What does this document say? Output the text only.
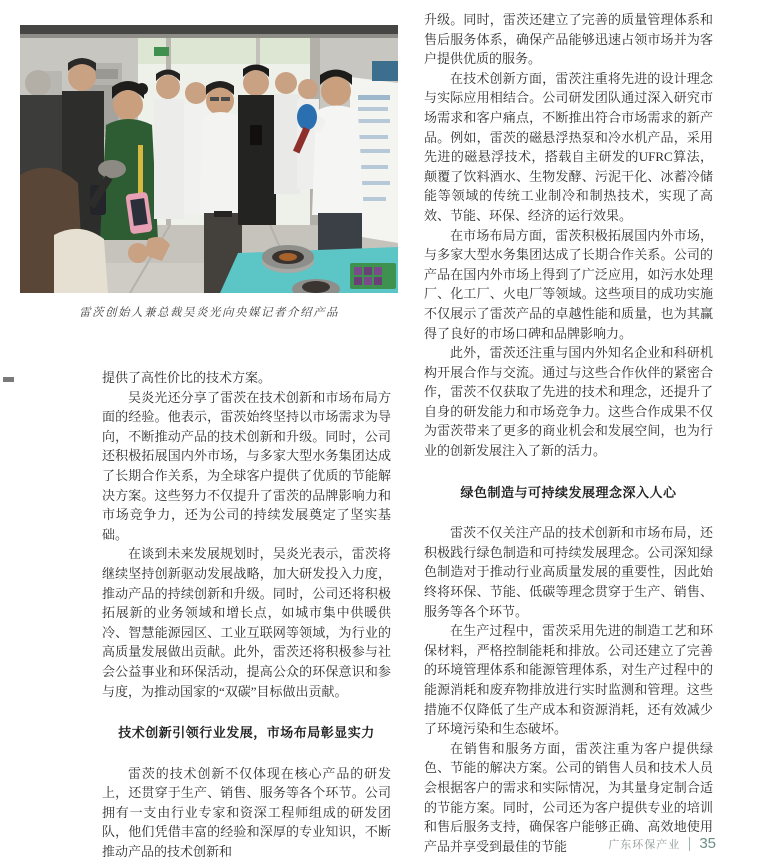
雷茨创始人兼总裁吴炎光向央媒记者介绍产品

提供了高性价比的技术方案。

吴炎光还分享了雷茨在技术创新和市场布局方面的经验。他表示，雷茨始终坚持以市场需求为导向，不断推动产品的技术创新和升级。同时，公司还积极拓展国内外市场，与多家大型水务集团达成了长期合作关系，为全球客户提供了优质的节能解决方案。这些努力不仅提升了雷茨的品牌影响力和市场竞争力，还为公司的持续发展奠定了坚实基础。

在谈到未来发展规划时，吴炎光表示，雷茨将继续坚持创新驱动发展战略，加大研发投入力度，推动产品的持续创新和升级。同时，公司还将积极拓展新的业务领域和增长点，如城市集中供暖供冷、智慧能源园区、工业互联网等领域，为行业的高质量发展做出贡献。此外，雷茨还将积极参与社会公益事业和环保活动，提高公众的环保意识和参与度，为推动国家的“双碳”目标做出贡献。

技术创新引领行业发展，市场布局彰显实力

雷茨的技术创新不仅体现在核心产品的研发上，还贯穿于生产、销售、服务等各个环节。公司拥有一支由行业专家和资深工程师组成的研发团队，他们凭借丰富的经验和深厚的专业知识，不断推动产品的技术创新和

升级。同时，雷茨还建立了完善的质量管理体系和售后服务体系，确保产品能够迅速占领市场并为客户提供优质的服务。

在技术创新方面，雷茨注重将先进的设计理念与实际应用相结合。公司研发团队通过深入研究市场需求和客户痛点，不断推出符合市场需求的新产品。例如，雷茨的磁悬浮热泵和冷水机产品，采用先进的磁悬浮技术，搭载自主研发的UFRC算法，颠覆了饮料酒水、生物发酵、污泥干化、冰蓄冷储能等领域的传统工业制冷和制热技术，实现了高效、节能、环保、经济的运行效果。

在市场布局方面，雷茨积极拓展国内外市场，与多家大型水务集团达成了长期合作关系。公司的产品在国内外市场上得到了广泛应用，如污水处理厂、化工厂、火电厂等领域。这些项目的成功实施不仅展示了雷茨产品的卓越性能和质量，也为其赢得了良好的市场口碑和品牌影响力。

此外，雷茨还注重与国内外知名企业和科研机构开展合作与交流。通过与这些合作伙伴的紧密合作，雷茨不仅获取了先进的技术和理念，还提升了自身的研发能力和市场竞争力。这些合作成果不仅为雷茨带来了更多的商业机会和发展空间，也为行业的创新发展注入了新的活力。

绿色制造与可持续发展理念深入人心

雷茨不仅关注产品的技术创新和市场布局，还积极践行绿色制造和可持续发展理念。公司深知绿色制造对于推动行业高质量发展的重要性，因此始终将环保、节能、低碳等理念贯穿于生产、销售、服务等各个环节。

在生产过程中，雷茨采用先进的制造工艺和环保材料，严格控制能耗和排放。公司还建立了完善的环境管理体系和能源管理体系，对生产过程中的能源消耗和废弃物排放进行实时监测和管理。这些措施不仅降低了生产成本和资源消耗，还有效减少了环境污染和生态破坏。

在销售和服务方面，雷茨注重为客户提供绿色、节能的解决方案。公司的销售人员和技术人员会根据客户的需求和实际情况，为其量身定制合适的节能方案。同时，公司还为客户提供专业的培训和售后服务支持，确保客户能够正确、高效地使用产品并享受到最佳的节能	广东环保产业 35
